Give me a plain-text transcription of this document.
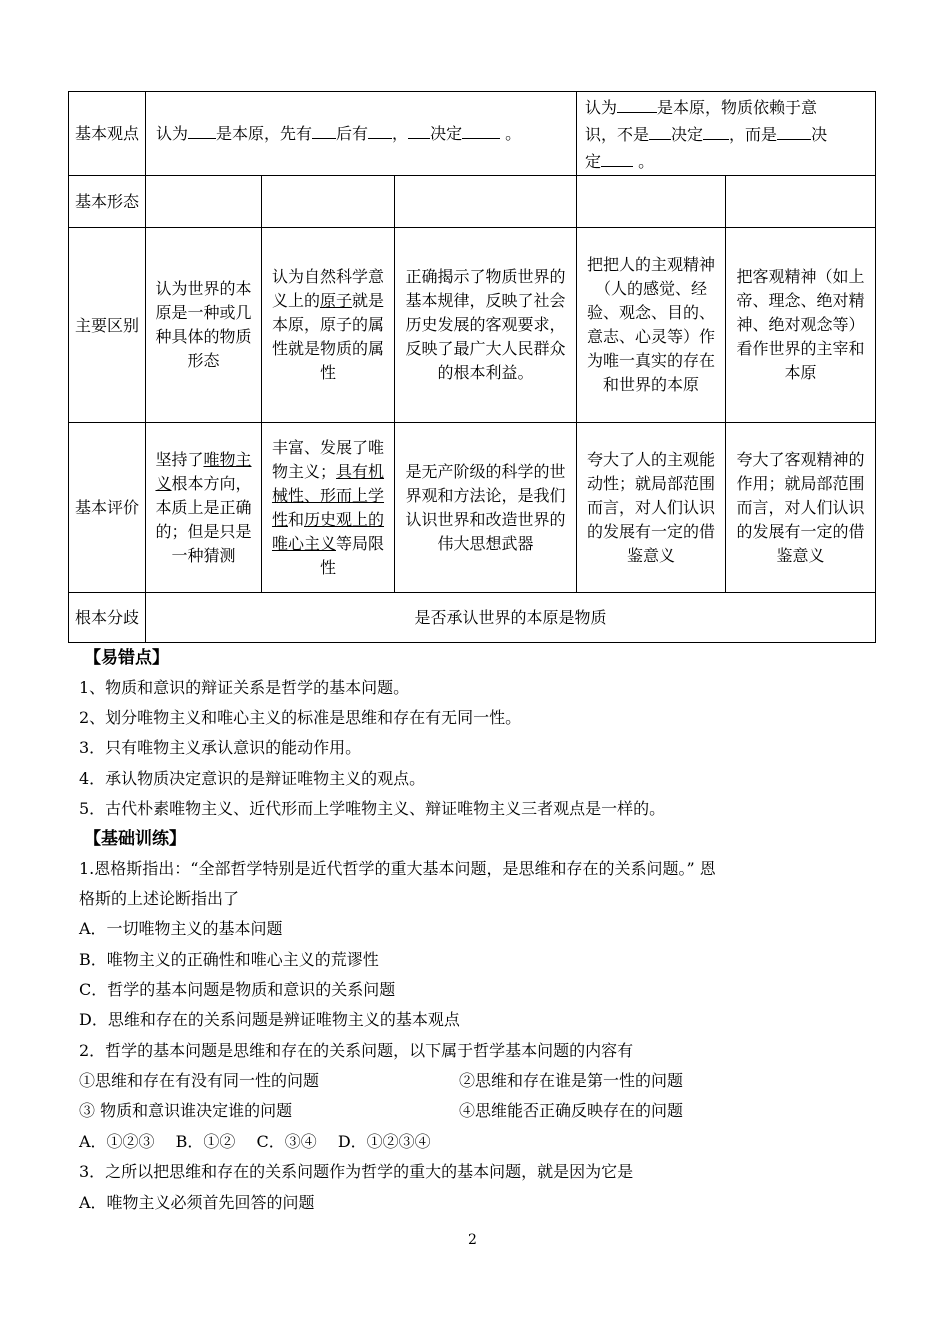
基本观点	认为 是本原，先有 后有 ， 决定 。			认为 是本原，物质依赖于意
识，不是 决定 ，而是 决
定 。	

基本形态					
主要区别	认为世界的本原是一种或几种具体的物质形态	认为自然科学意义上的原子就是本原，原子的属性就是物质的属性	正确揭示了物质世界的基本规律，反映了社会历史发展的客观要求，反映了最广大人民群众的根本利益。	把把人的主观精神（人的感觉、经验、观念、目的、意志、心灵等）作为唯一真实的存在和世界的本原	把客观精神（如上帝、理念、绝对精神、绝对观念等）看作世界的主宰和本原
基本评价	坚持了唯物主义根本方向，本质上是正确的；但是只是一种猜测	丰富、发展了唯物主义；具有机械性、形而上学性和历史观上的唯心主义等局限性	是无产阶级的科学的世界观和方法论，是我们认识世界和改造世界的伟大思想武器	夸大了人的主观能动性；就局部范围而言，对人们认识的发展有一定的借鉴意义	夸大了客观精神的作用；就局部范围而言，对人们认识的发展有一定的借鉴意义
根本分歧	是否承认世界的本原是物质				
【易错点】
1、物质和意识的辩证关系是哲学的基本问题。
2、划分唯物主义和唯心主义的标准是思维和存在有无同一性。
3．只有唯物主义承认意识的能动作用。
4．承认物质决定意识的是辩证唯物主义的观点。
5．古代朴素唯物主义、近代形而上学唯物主义、辩证唯物主义三者观点是一样的。
【基础训练】
1.恩格斯指出：“全部哲学特别是近代哲学的重大基本问题，是思维和存在的关系问题。” 恩
格斯的上述论断指出了
A．一切唯物主义的基本问题
B．唯物主义的正确性和唯心主义的荒谬性
C．哲学的基本问题是物质和意识的关系问题
D．思维和存在的关系问题是辨证唯物主义的基本观点
2．哲学的基本问题是思维和存在的关系问题，以下属于哲学基本问题的内容有
①思维和存在有没有同一性的问题	②思维和存在谁是第一性的问题
③ 物质和意识谁决定谁的问题	④思维能否正确反映存在的问题
A．①②③　 B．①②　 C．③④　 D．①②③④
3．之所以把思维和存在的关系问题作为哲学的重大的基本问题，就是因为它是
A．唯物主义必须首先回答的问题
2
